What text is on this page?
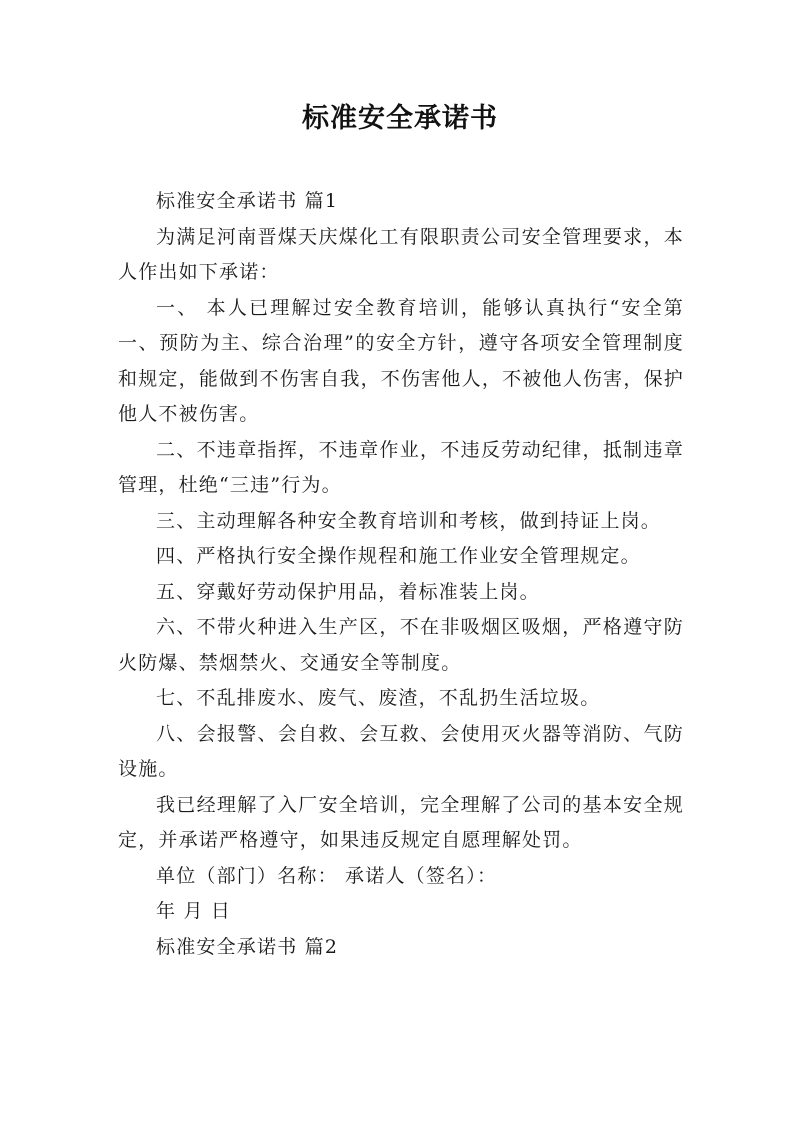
标准安全承诺书

标准安全承诺书 篇1

为满足河南晋煤天庆煤化工有限职责公司安全管理要求，本人作出如下承诺：

一、 本人已理解过安全教育培训，能够认真执行“安全第一、预防为主、综合治理”的安全方针，遵守各项安全管理制度和规定，能做到不伤害自我，不伤害他人，不被他人伤害，保护他人不被伤害。

二、不违章指挥，不违章作业，不违反劳动纪律，抵制违章管理，杜绝“三违”行为。

三、主动理解各种安全教育培训和考核，做到持证上岗。

四、严格执行安全操作规程和施工作业安全管理规定。

五、穿戴好劳动保护用品，着标准装上岗。

六、不带火种进入生产区，不在非吸烟区吸烟，严格遵守防火防爆、禁烟禁火、交通安全等制度。

七、不乱排废水、废气、废渣，不乱扔生活垃圾。

八、会报警、会自救、会互救、会使用灭火器等消防、气防设施。

我已经理解了入厂安全培训，完全理解了公司的基本安全规定，并承诺严格遵守，如果违反规定自愿理解处罚。

单位（部门）名称： 承诺人（签名）：

年 月 日

标准安全承诺书 篇2
